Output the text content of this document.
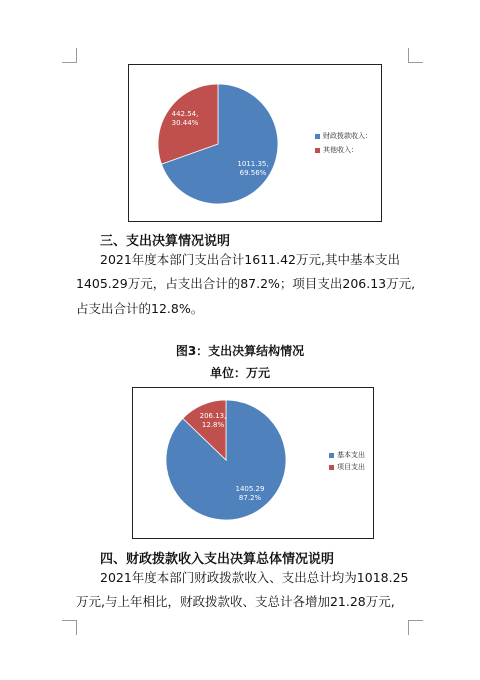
1011.35,
69.56%
442.54,
30.44%
财政拨款收入：
其他收入：
三、支出决算情况说明
2021年度本部门支出合计1611.42万元,其中基本支出
1405.29万元，占支出合计的87.2%；项目支出206.13万元,
占支出合计的12.8%。
图3：支出决算结构情况
单位：万元
1405.29
87.2%
206.13,
12.8%
基本支出
项目支出
四、财政拨款收入支出决算总体情况说明
2021年度本部门财政拨款收入、支出总计均为1018.25
万元,与上年相比，财政拨款收、支总计各增加21.28万元,
